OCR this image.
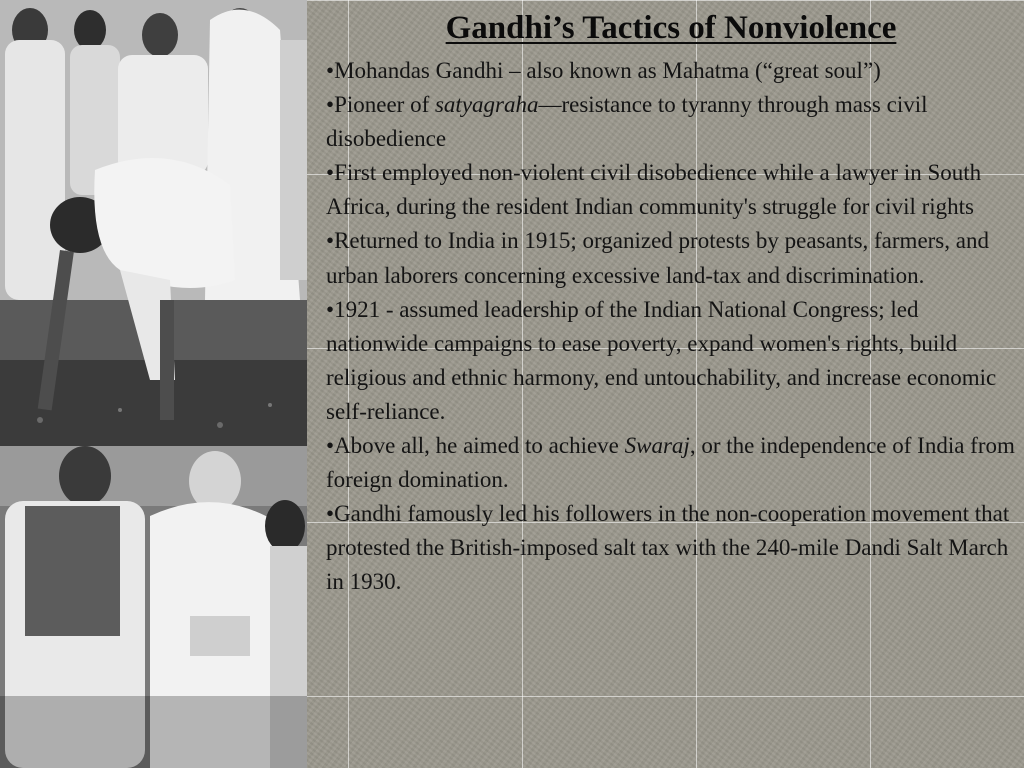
Gandhi’s Tactics of Nonviolence
•Mohandas Gandhi – also known as Mahatma (“great soul”)
•Pioneer of satyagraha—resistance to tyranny through mass civil disobedience
•First employed non-violent civil disobedience while a lawyer in South Africa, during the resident Indian community's struggle for civil rights
•Returned to India in 1915; organized protests by peasants, farmers, and urban laborers concerning excessive land-tax and discrimination.
•1921 - assumed leadership of the Indian National Congress; led nationwide campaigns to ease poverty, expand women's rights, build religious and ethnic harmony, end untouchability, and increase economic self-reliance.
•Above all, he aimed to achieve Swaraj, or the independence of India from foreign domination.
•Gandhi famously led his followers in the non-cooperation movement that protested the British-imposed salt tax with the 240-mile Dandi Salt March in 1930.
